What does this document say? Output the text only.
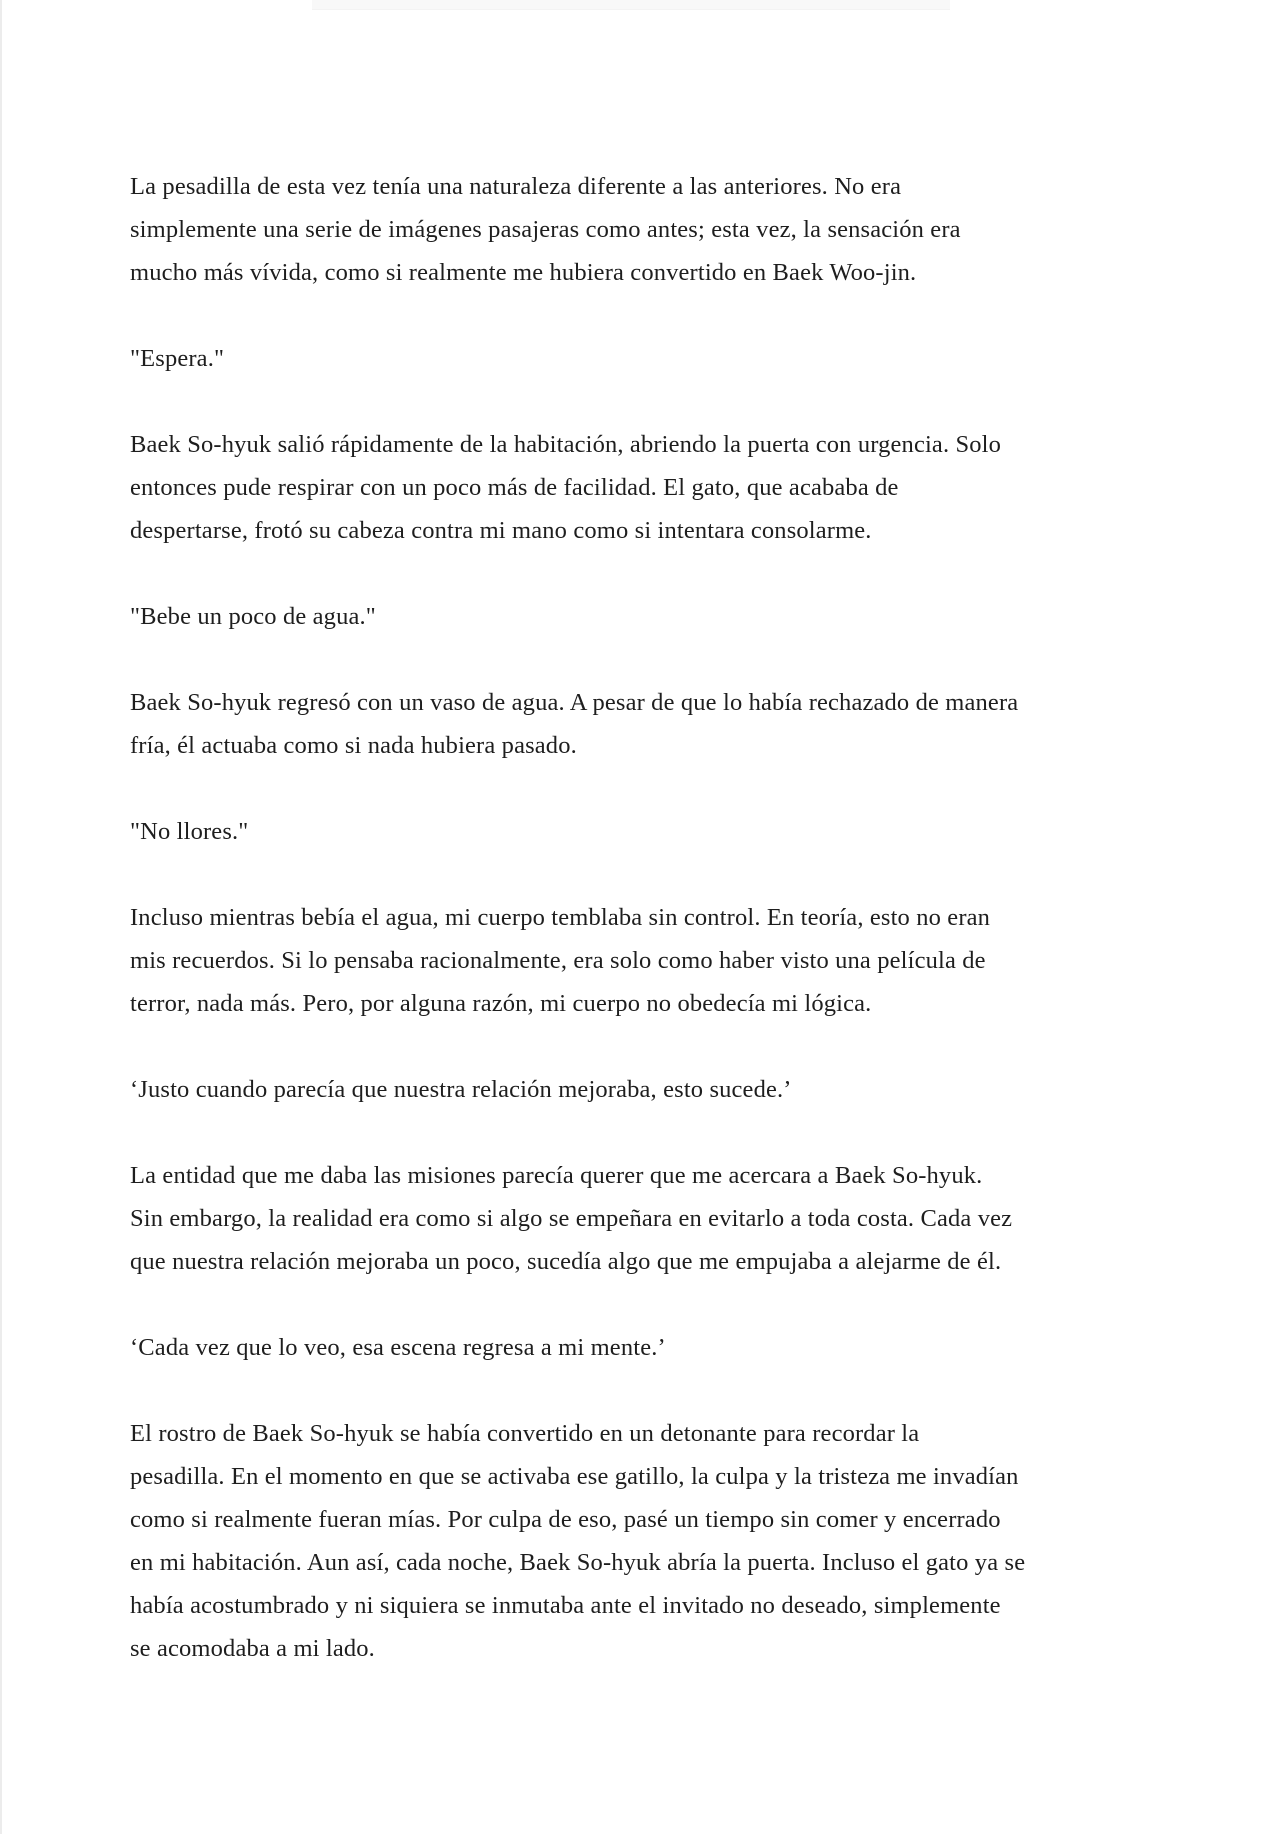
La pesadilla de esta vez tenía una naturaleza diferente a las anteriores. No era
simplemente una serie de imágenes pasajeras como antes; esta vez, la sensación era
mucho más vívida, como si realmente me hubiera convertido en Baek Woo-jin.

"Espera."

Baek So-hyuk salió rápidamente de la habitación, abriendo la puerta con urgencia. Solo
entonces pude respirar con un poco más de facilidad. El gato, que acababa de
despertarse, frotó su cabeza contra mi mano como si intentara consolarme.

"Bebe un poco de agua."

Baek So-hyuk regresó con un vaso de agua. A pesar de que lo había rechazado de manera
fría, él actuaba como si nada hubiera pasado.

"No llores."

Incluso mientras bebía el agua, mi cuerpo temblaba sin control. En teoría, esto no eran
mis recuerdos. Si lo pensaba racionalmente, era solo como haber visto una película de
terror, nada más. Pero, por alguna razón, mi cuerpo no obedecía mi lógica.

‘Justo cuando parecía que nuestra relación mejoraba, esto sucede.’

La entidad que me daba las misiones parecía querer que me acercara a Baek So-hyuk.
Sin embargo, la realidad era como si algo se empeñara en evitarlo a toda costa. Cada vez
que nuestra relación mejoraba un poco, sucedía algo que me empujaba a alejarme de él.

‘Cada vez que lo veo, esa escena regresa a mi mente.’

El rostro de Baek So-hyuk se había convertido en un detonante para recordar la
pesadilla. En el momento en que se activaba ese gatillo, la culpa y la tristeza me invadían
como si realmente fueran mías. Por culpa de eso, pasé un tiempo sin comer y encerrado
en mi habitación. Aun así, cada noche, Baek So-hyuk abría la puerta. Incluso el gato ya se
había acostumbrado y ni siquiera se inmutaba ante el invitado no deseado, simplemente
se acomodaba a mi lado.
